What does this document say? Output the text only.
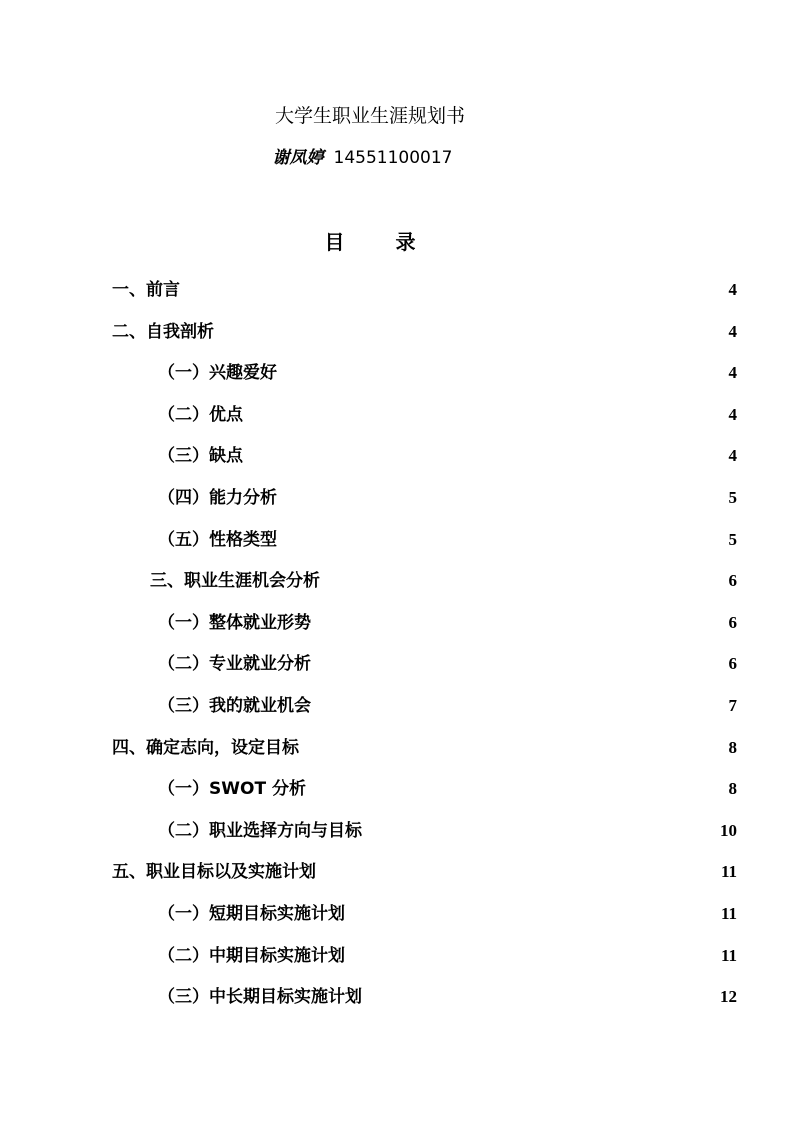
大学生职业生涯规划书
谢凤婷 14551100017
目 录
一、前言	4
二、自我剖析	4
（一）兴趣爱好	4
（二）优点	4
（三）缺点	4
（四）能力分析	5
（五）性格类型	5
三、职业生涯机会分析	6
（一）整体就业形势	6
（二）专业就业分析	6
（三）我的就业机会	7
四、确定志向，设定目标	8
（一）SWOT 分析	8
（二）职业选择方向与目标	10
五、职业目标以及实施计划	11
（一）短期目标实施计划	11
（二）中期目标实施计划	11
（三）中长期目标实施计划	12
